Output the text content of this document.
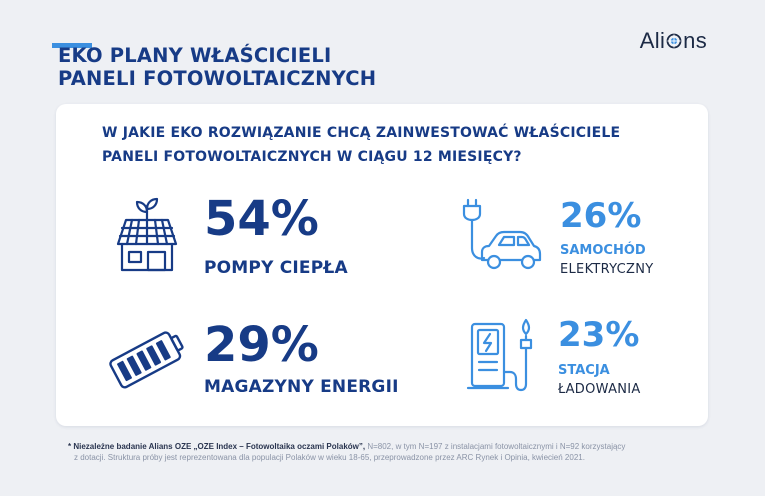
EKO PLANY WŁAŚCICIELI
PANELI FOTOWOLTAICZNYCH
Ali ns
W JAKIE EKO ROZWIĄZANIE CHCĄ ZAINWESTOWAĆ WŁAŚCICIELE
PANELI FOTOWOLTAICZNYCH W CIĄGU 12 MIESIĘCY?
54%
POMPY CIEPŁA
26%
SAMOCHÓD
ELEKTRYCZNY
29%
MAGAZYNY ENERGII
23%
STACJA
ŁADOWANIA

* Niezależne badanie Alians OZE „OZE Index – Fotowoltaika oczami Polaków”, N=802, w tym N=197 z instalacjami fotowoltaicznymi i N=92 korzystający
z dotacji. Struktura próby jest reprezentowana dla populacji Polaków w wieku 18-65, przeprowadzone przez ARC Rynek i Opinia, kwiecień 2021.
